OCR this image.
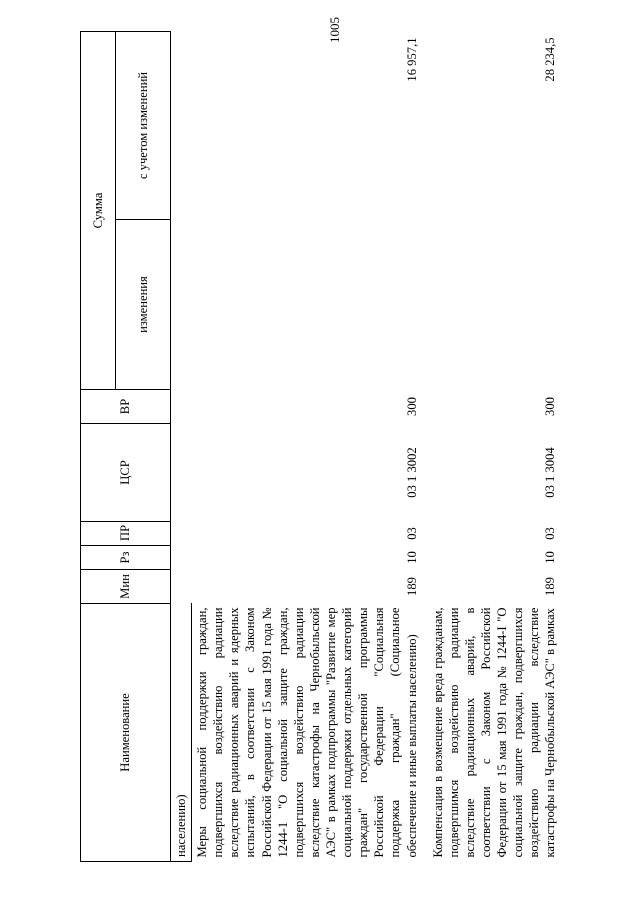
1005
Наименование	Мин	Рз	ПР	ЦСР	ВР	Сумма	
						изменения	с учетом изменений
населению)							
Меры социальной поддержки граждан, подвергшихся воздействию радиации вследствие радиационных аварий и ядерных испытаний, в соответствии с Законом Российской Федерации от 15 мая 1991 года № 1244-1 "О социальной защите граждан, подвергшихся воздействию радиации вследствие катастрофы на Чернобыльской АЭС" в рамках подпрограммы "Развитие мер социальной поддержки отдельных категорий граждан" государственной программы Российской Федерации "Социальная поддержка граждан" (Социальное обеспечение и иные выплаты населению)	189	10	03	03 1 3002	300		16 957,1
Компенсация в возмещение вреда гражданам, подвергшимся воздействию радиации вследствие радиационных аварий, в соответствии с Законом Российской Федерации от 15 мая 1991 года № 1244-I "О социальной защите граждан, подвергшихся воздействию радиации вследствие катастрофы на Чернобыльской АЭС" в рамках	189	10	03	03 1 3004	300		28 234,5
